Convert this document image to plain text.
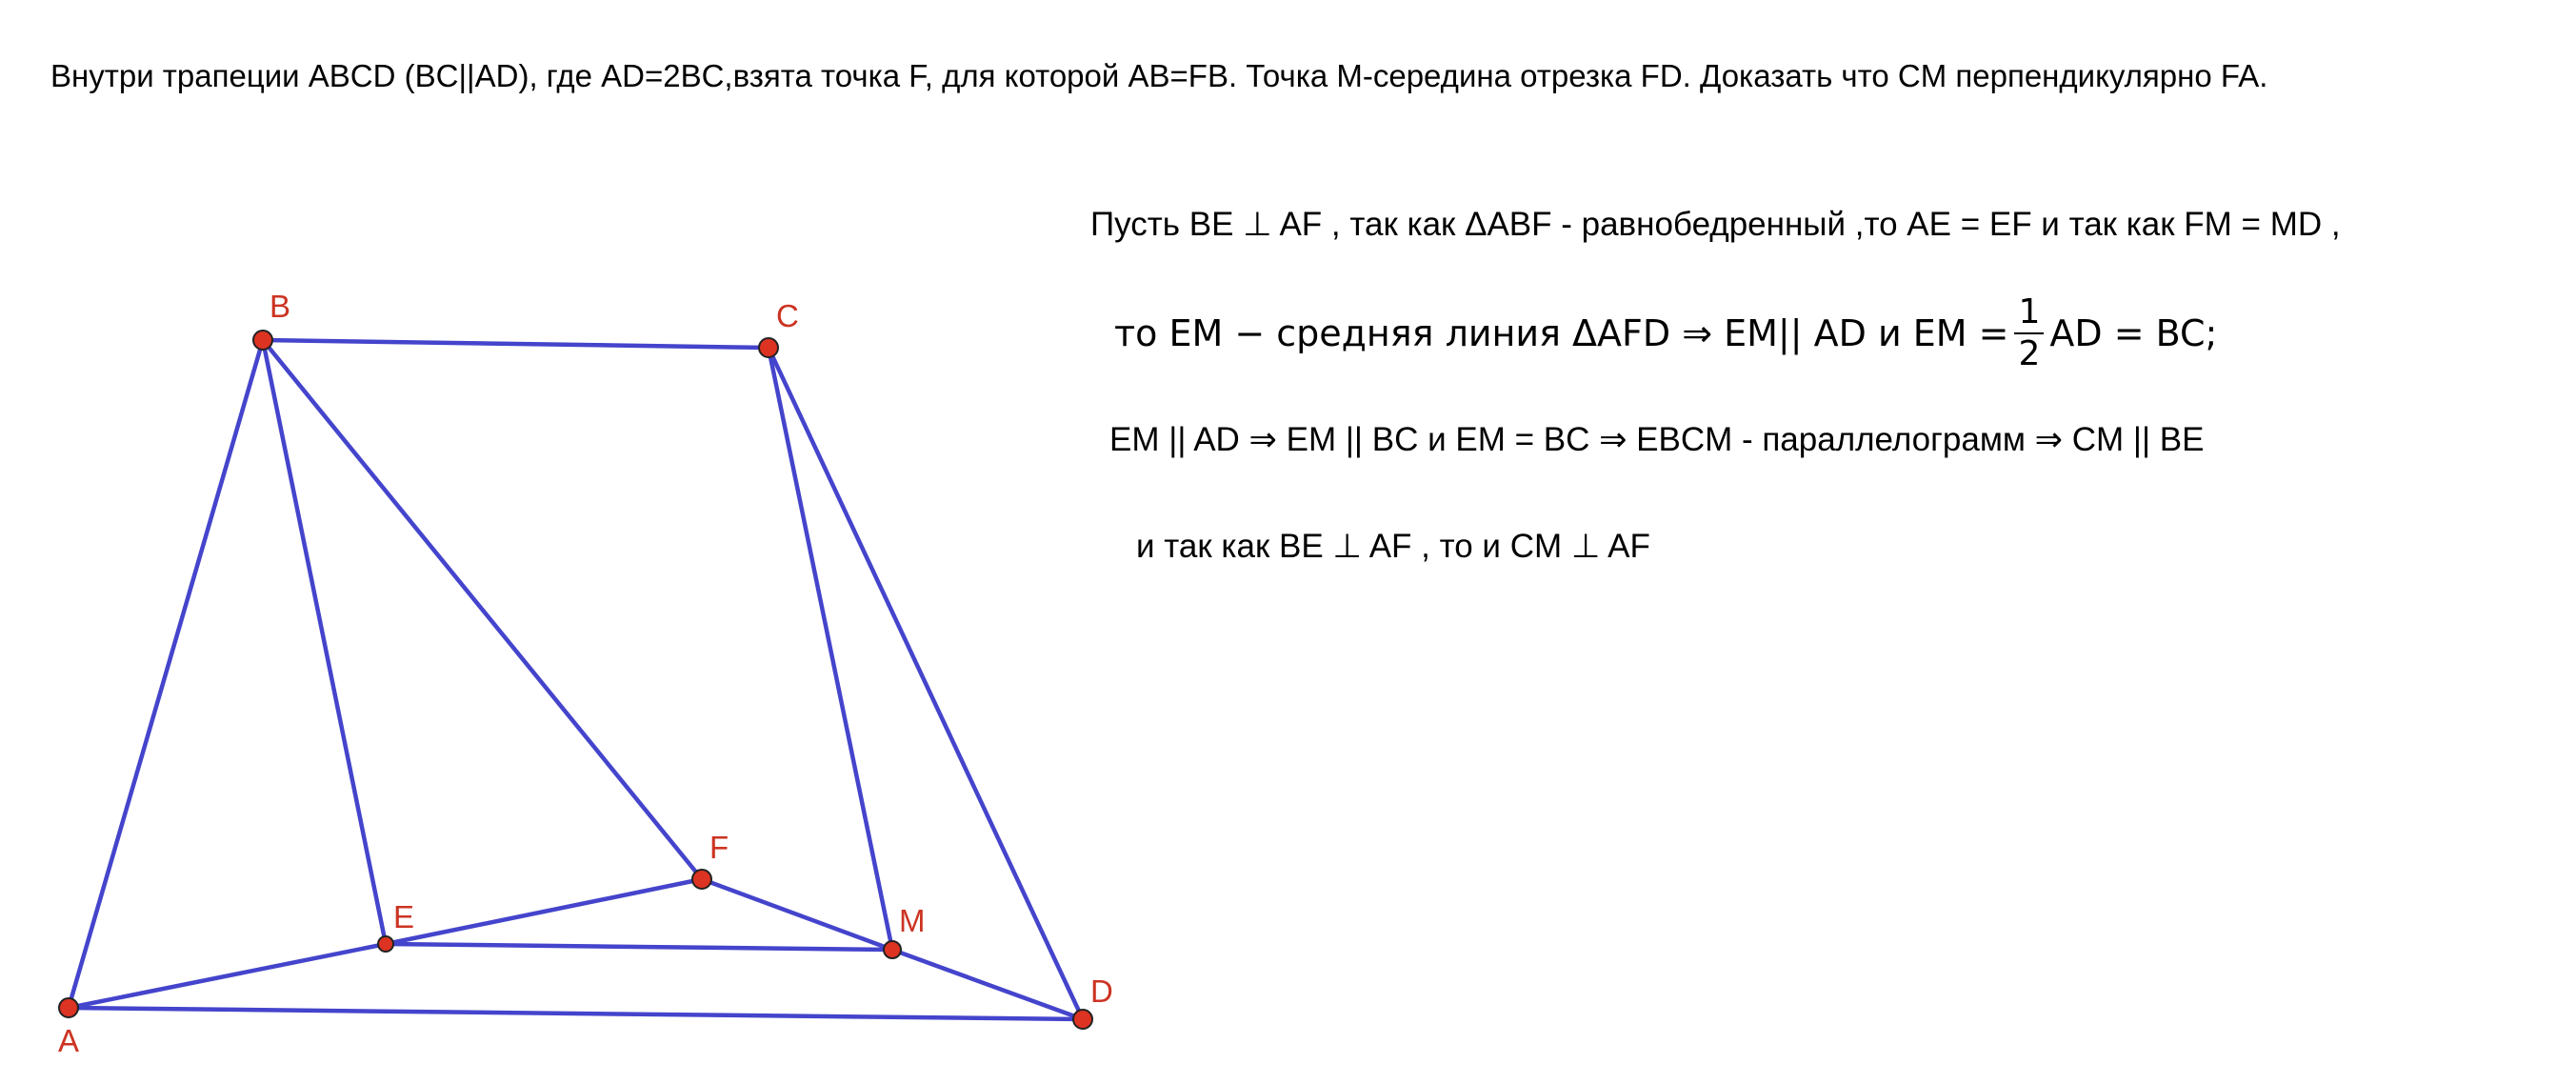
Внутри трапеции ABCD (BC||AD), где AD=2BC,взята точка F, для которой AB=FB. Точка М-середина отрезка FD. Доказать что CM перпендикулярно FA.
A
B	C
D
E
F
M
Пусть BE ⊥ AF , так как ΔABF - равнобедренный ,то AE = EF и так как FM = MD ,
то EM − средняя линия ΔAFD ⇒ EM|| AD и EM = $\frac{1}{2}$ AD = BC;
EM || AD ⇒ EM || BC и EM = BC ⇒ EBCM - параллелограмм ⇒ CM || BE
и так как BE ⊥ AF , то и CM ⊥ AF
